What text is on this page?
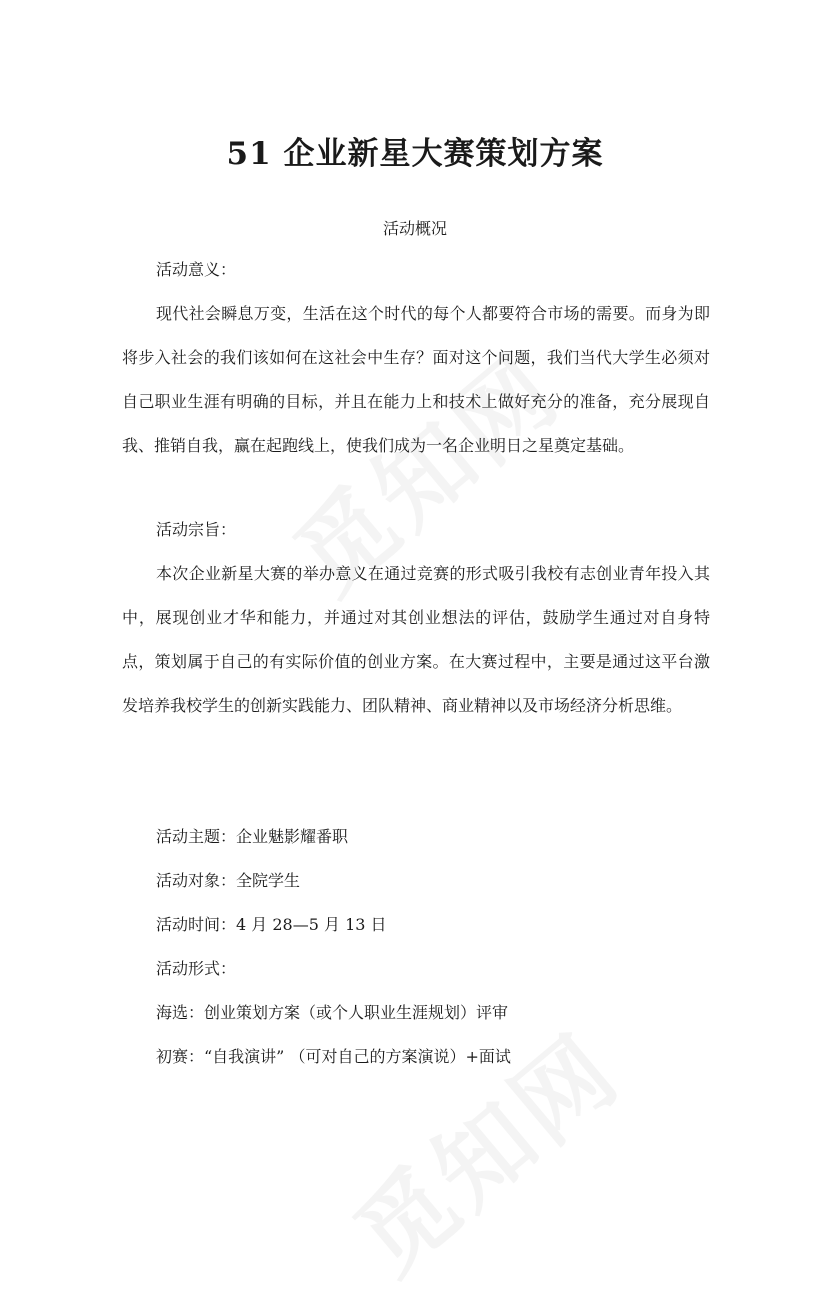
51 企业新星大赛策划方案
活动概况

活动意义：

现代社会瞬息万变，生活在这个时代的每个人都要符合市场的需要。而身为即将步入社会的我们该如何在这社会中生存？面对这个问题，我们当代大学生必须对自己职业生涯有明确的目标，并且在能力上和技术上做好充分的准备，充分展现自我、推销自我，赢在起跑线上，使我们成为一名企业明日之星奠定基础。

活动宗旨：

本次企业新星大赛的举办意义在通过竞赛的形式吸引我校有志创业青年投入其中，展现创业才华和能力，并通过对其创业想法的评估，鼓励学生通过对自身特点，策划属于自己的有实际价值的创业方案。在大赛过程中，主要是通过这平台激发培养我校学生的创新实践能力、团队精神、商业精神以及市场经济分析思维。

活动主题：企业魅影耀番职

活动对象：全院学生

活动时间：4 月 28—5 月 13 日

活动形式：

海选：创业策划方案（或个人职业生涯规划）评审

初赛：“自我演讲” （可对自己的方案演说）+面试
